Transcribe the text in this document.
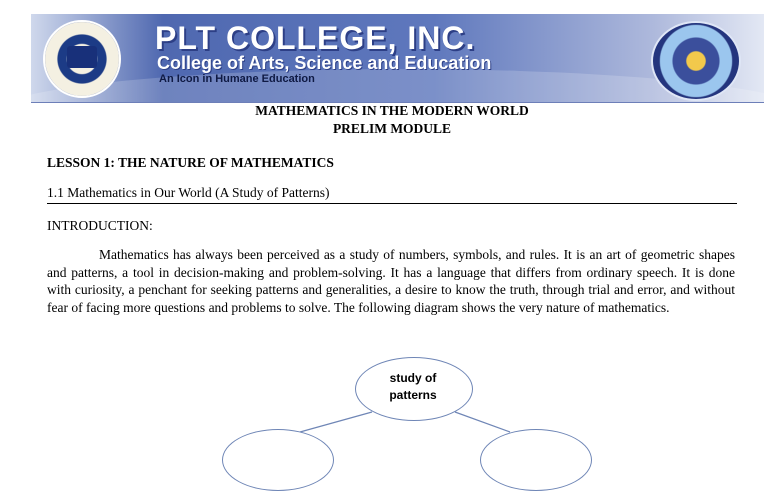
PLT COLLEGE, INC.
College of Arts, Science and Education
An Icon in Humane Education
MATHEMATICS IN THE MODERN WORLD
PRELIM MODULE
LESSON 1: THE NATURE OF MATHEMATICS
1.1 Mathematics in Our World (A Study of Patterns)
INTRODUCTION:

Mathematics has always been perceived as a study of numbers, symbols, and rules. It is an art of geometric shapes and patterns, a tool in decision-making and problem-solving. It has a language that differs from ordinary speech. It is done with curiosity, a penchant for seeking patterns and generalities, a desire to know the truth, through trial and error, and without fear of facing more questions and problems to solve. The following diagram shows the very nature of mathematics.

study of
patterns
